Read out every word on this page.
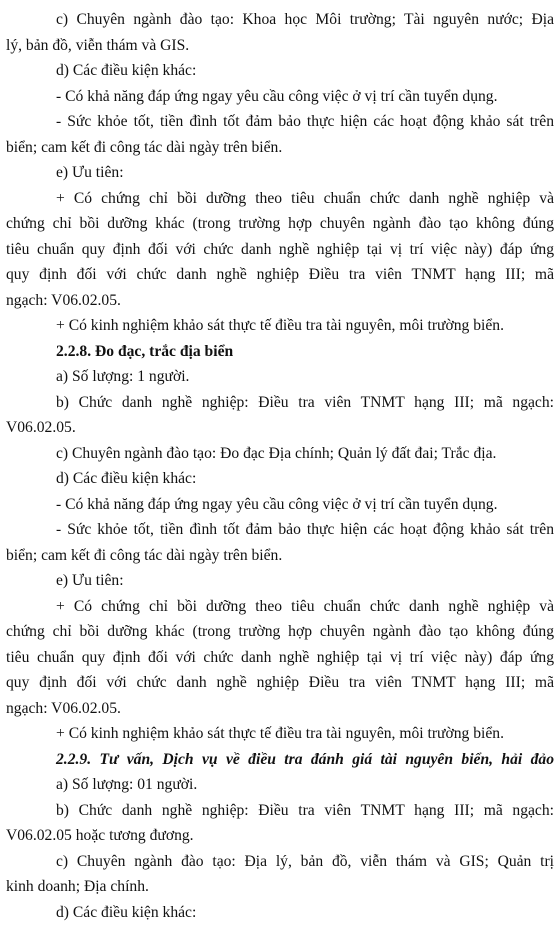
c) Chuyên ngành đào tạo: Khoa học Môi trường; Tài nguyên nước; Địa
lý, bản đồ, viễn thám và GIS.
d) Các điều kiện khác:
- Có khả năng đáp ứng ngay yêu cầu công việc ở vị trí cần tuyển dụng.
- Sức khỏe tốt, tiền đình tốt đảm bảo thực hiện các hoạt động khảo sát trên
biển; cam kết đi công tác dài ngày trên biển.
e) Ưu tiên:
+ Có chứng chỉ bồi dưỡng theo tiêu chuẩn chức danh nghề nghiệp và
chứng chỉ bồi dưỡng khác (trong trường hợp chuyên ngành đào tạo không đúng
tiêu chuẩn quy định đối với chức danh nghề nghiệp tại vị trí việc này) đáp ứng
quy định đối với chức danh nghề nghiệp Điều tra viên TNMT hạng III; mã
ngạch: V06.02.05.
+ Có kinh nghiệm khảo sát thực tế điều tra tài nguyên, môi trường biển.
2.2.8. Đo đạc, trắc địa biển
a) Số lượng: 1 người.
b) Chức danh nghề nghiệp: Điều tra viên TNMT hạng III; mã ngạch:
V06.02.05.
c) Chuyên ngành đào tạo: Đo đạc Địa chính; Quản lý đất đai; Trắc địa.
d) Các điều kiện khác:
- Có khả năng đáp ứng ngay yêu cầu công việc ở vị trí cần tuyển dụng.
- Sức khỏe tốt, tiền đình tốt đảm bảo thực hiện các hoạt động khảo sát trên
biển; cam kết đi công tác dài ngày trên biển.
e) Ưu tiên:
+ Có chứng chỉ bồi dưỡng theo tiêu chuẩn chức danh nghề nghiệp và
chứng chỉ bồi dưỡng khác (trong trường hợp chuyên ngành đào tạo không đúng
tiêu chuẩn quy định đối với chức danh nghề nghiệp tại vị trí việc này) đáp ứng
quy định đối với chức danh nghề nghiệp Điều tra viên TNMT hạng III; mã
ngạch: V06.02.05.
+ Có kinh nghiệm khảo sát thực tế điều tra tài nguyên, môi trường biển.
2.2.9. Tư vấn, Dịch vụ về điều tra đánh giá tài nguyên biển, hải đảo
a) Số lượng: 01 người.
b) Chức danh nghề nghiệp: Điều tra viên TNMT hạng III; mã ngạch:
V06.02.05 hoặc tương đương.
c) Chuyên ngành đào tạo: Địa lý, bản đồ, viễn thám và GIS; Quản trị
kinh doanh; Địa chính.
d) Các điều kiện khác:
